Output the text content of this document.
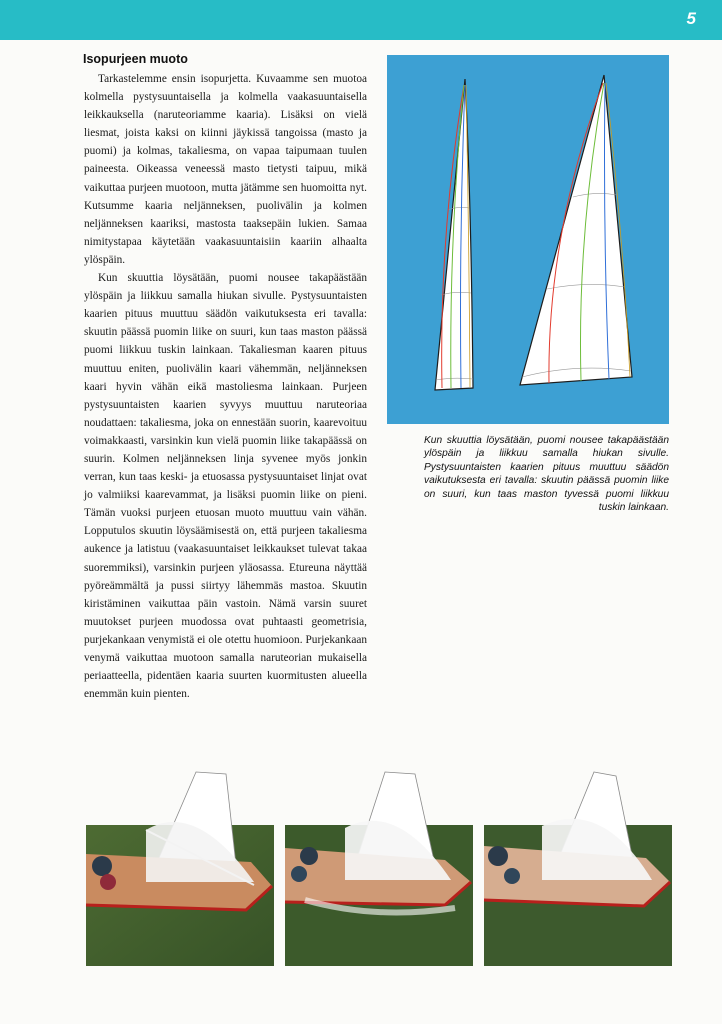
5
Isopurjeen muoto

Tarkastelemme ensin isopurjetta. Kuvaamme sen muotoa kolmella pystysuuntaisella ja kolmella vaakasuuntaisella leikkauksella (naruteoriamme kaaria). Lisäksi on vielä liesmat, joista kaksi on kiinni jäykissä tangoissa (masto ja puomi) ja kolmas, takaliesma, on vapaa taipumaan tuulen paineesta. Oikeassa veneessä masto tietysti taipuu, mikä vaikuttaa purjeen muotoon, mutta jätämme sen huomoitta nyt. Kutsumme kaaria neljänneksen, puolivälin ja kolmen neljänneksen kaariksi, mastosta taaksepäin lukien. Samaa nimitystapaa käytetään vaakasuuntaisiin kaariin alhaalta ylöspäin.

Kun skuuttia löysätään, puomi nousee takapäästään ylöspäin ja liikkuu samalla hiukan sivulle. Pystysuuntaisten kaarien pituus muuttuu säädön vaikutuksesta eri tavalla: skuutin päässä puomin liike on suuri, kun taas maston päässä puomi liikkuu tuskin lainkaan. Takaliesman kaaren pituus muuttuu eniten, puolivälin kaari vähemmän, neljänneksen kaari hyvin vähän eikä mastoliesma lainkaan. Purjeen pystysuuntaisten kaarien syvyys muuttuu naruteoriaa noudattaen: takaliesma, joka on ennestään suorin, kaarevoituu voimakkaasti, varsinkin kun vielä puomin liike takapäässä on suurin. Kolmen neljänneksen linja syvenee myös jonkin verran, kun taas keski- ja etuosassa pystysuuntaiset linjat ovat jo valmiiksi kaarevammat, ja lisäksi puomin liike on pieni. Tämän vuoksi purjeen etuosan muoto muuttuu vain vähän. Lopputulos skuutin löysäämisestä on, että purjeen takaliesma aukence ja latistuu (vaakasuuntaiset leikkaukset tulevat takaa suoremmiksi), varsinkin purjeen yläosassa. Etureuna näyttää pyöreämmältä ja pussi siirtyy lähemmäs mastoa. Skuutin kiristäminen vaikuttaa päin vastoin. Nämä varsin suuret muutokset purjeen muodossa ovat puhtaasti geometrisia, purjekankaan venymistä ei ole otettu huomioon. Purjekankaan venymä vaikuttaa muotoon samalla naruteorian mukaisella periaatteella, pidentäen kaaria suurten kuormitusten alueella enemmän kuin pienten.

Kun skuuttia löysätään, puomi nousee takapäästään ylöspäin ja liikkuu samalla hiukan sivulle. Pystysuuntaisten kaarien pituus muuttuu säädön vaikutuksesta eri tavalla: skuutin päässä puomin liike on suuri, kun taas maston tyvessä puomi liikkuu tuskin lainkaan.
